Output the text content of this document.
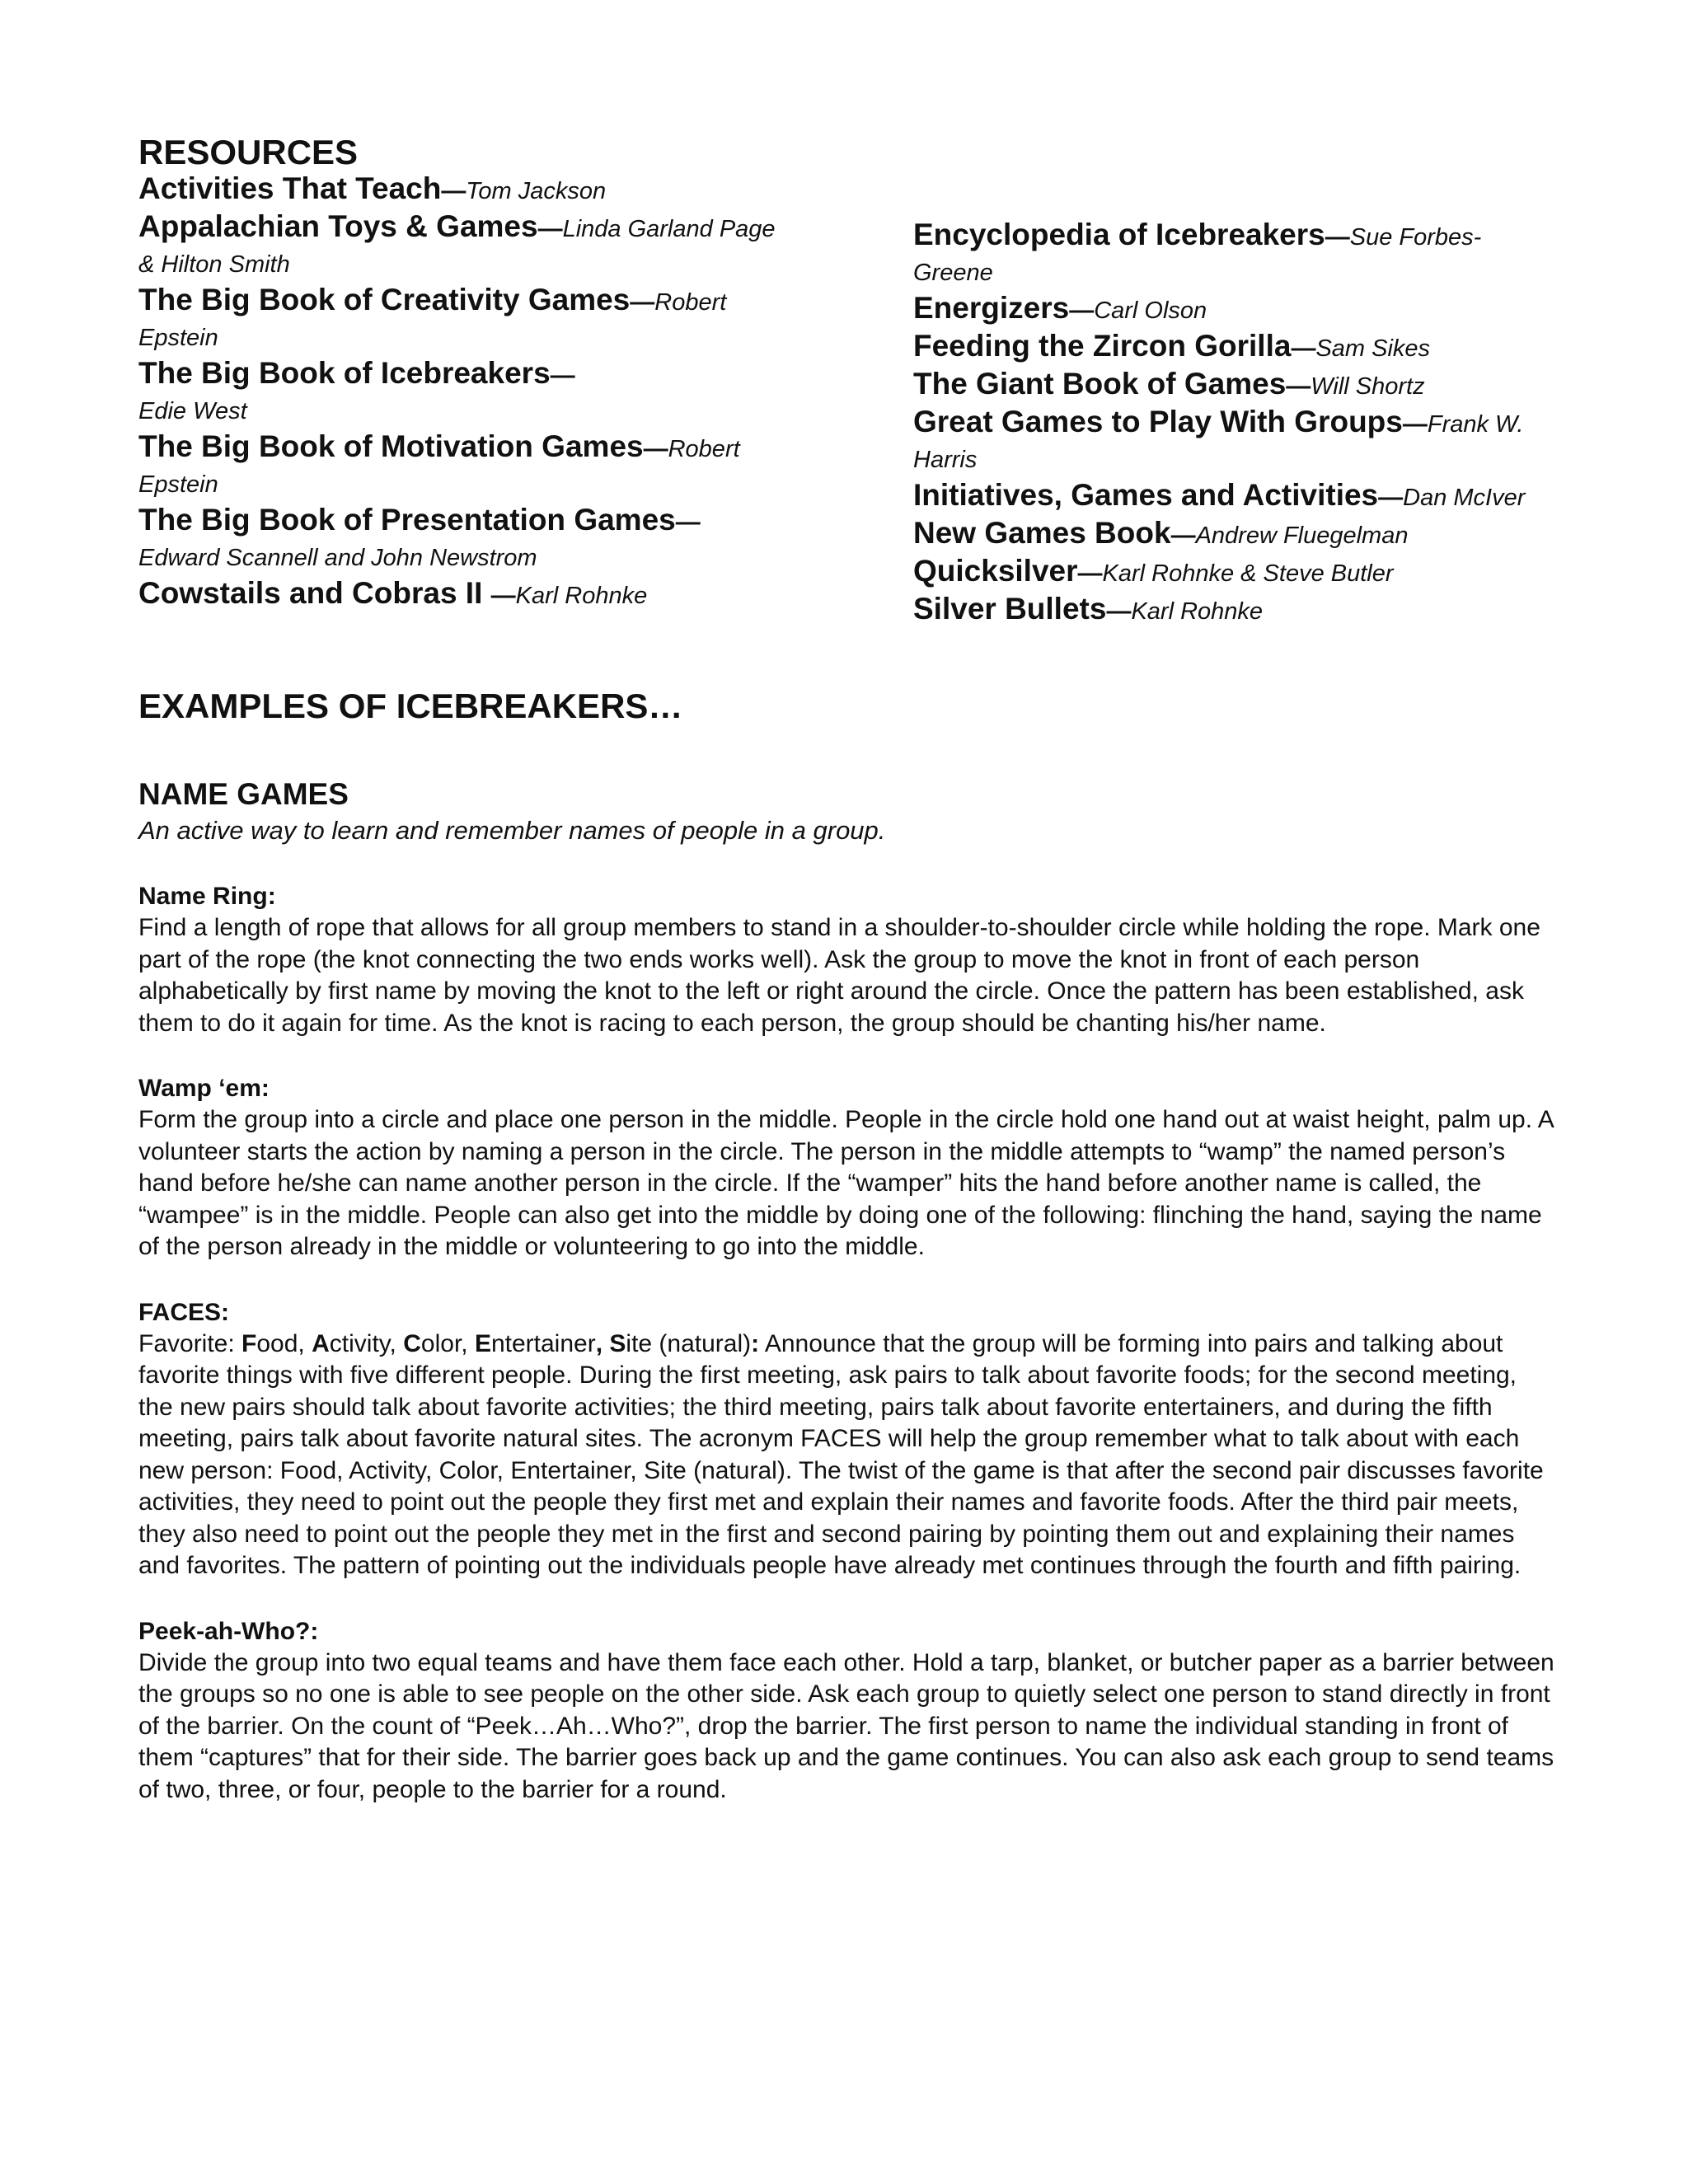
RESOURCES

Activities That Teach—Tom Jackson

Appalachian Toys & Games—Linda Garland Page & Hilton Smith

The Big Book of Creativity Games—Robert Epstein

The Big Book of Icebreakers—
Edie West

The Big Book of Motivation Games—Robert Epstein

The Big Book of Presentation Games—
Edward Scannell and John Newstrom

Cowstails and Cobras II —Karl Rohnke

Encyclopedia of Icebreakers—Sue Forbes-Greene

Energizers—Carl Olson

Feeding the Zircon Gorilla—Sam Sikes

The Giant Book of Games—Will Shortz

Great Games to Play With Groups—Frank W. Harris

Initiatives, Games and Activities—Dan McIver

New Games Book—Andrew Fluegelman

Quicksilver—Karl Rohnke & Steve Butler

Silver Bullets—Karl Rohnke

EXAMPLES OF ICEBREAKERS…
NAME GAMES

An active way to learn and remember names of people in a group.

Name Ring:

Find a length of rope that allows for all group members to stand in a shoulder-to-shoulder circle while holding the rope. Mark one part of the rope (the knot connecting the two ends works well). Ask the group to move the knot in front of each person alphabetically by first name by moving the knot to the left or right around the circle. Once the pattern has been established, ask them to do it again for time. As the knot is racing to each person, the group should be chanting his/her name.

Wamp ‘em:

Form the group into a circle and place one person in the middle. People in the circle hold one hand out at waist height, palm up. A volunteer starts the action by naming a person in the circle. The person in the middle attempts to “wamp” the named person’s hand before he/she can name another person in the circle. If the “wamper” hits the hand before another name is called, the “wampee” is in the middle. People can also get into the middle by doing one of the following: flinching the hand, saying the name of the person already in the middle or volunteering to go into the middle.

FACES:

Favorite: Food, Activity, Color, Entertainer, Site (natural): Announce that the group will be forming into pairs and talking about favorite things with five different people. During the first meeting, ask pairs to talk about favorite foods; for the second meeting, the new pairs should talk about favorite activities; the third meeting, pairs talk about favorite entertainers, and during the fifth meeting, pairs talk about favorite natural sites. The acronym FACES will help the group remember what to talk about with each new person: Food, Activity, Color, Entertainer, Site (natural). The twist of the game is that after the second pair discusses favorite activities, they need to point out the people they first met and explain their names and favorite foods. After the third pair meets, they also need to point out the people they met in the first and second pairing by pointing them out and explaining their names and favorites. The pattern of pointing out the individuals people have already met continues through the fourth and fifth pairing.

Peek-ah-Who?:

Divide the group into two equal teams and have them face each other. Hold a tarp, blanket, or butcher paper as a barrier between the groups so no one is able to see people on the other side. Ask each group to quietly select one person to stand directly in front of the barrier. On the count of “Peek…Ah…Who?”, drop the barrier. The first person to name the individual standing in front of them “captures” that for their side. The barrier goes back up and the game continues. You can also ask each group to send teams of two, three, or four, people to the barrier for a round.
